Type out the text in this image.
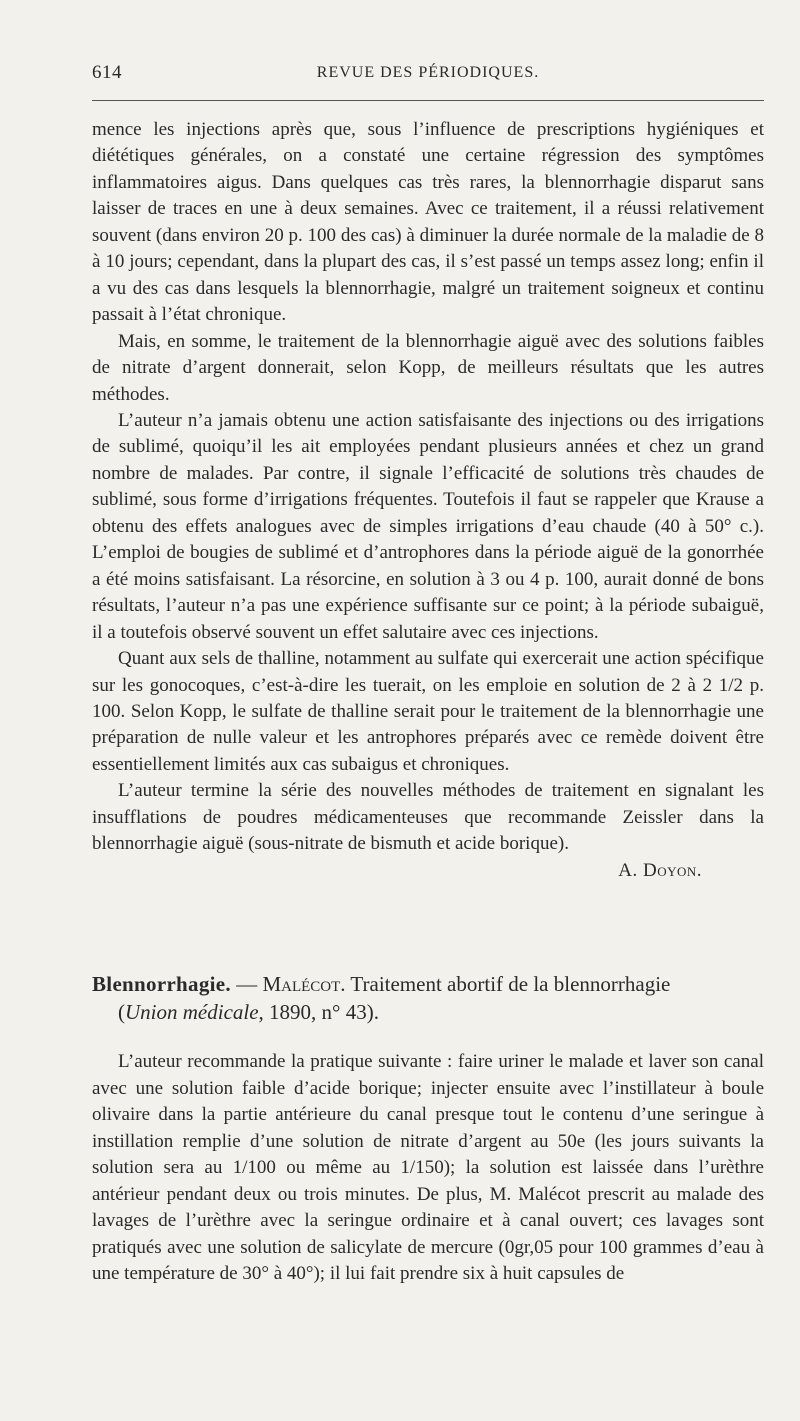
614	REVUE DES PÉRIODIQUES.

mence les injections après que, sous l’influence de prescriptions hygiéniques et diététiques générales, on a constaté une certaine régression des symptômes inflammatoires aigus. Dans quelques cas très rares, la blennorrhagie disparut sans laisser de traces en une à deux semaines. Avec ce traitement, il a réussi relativement souvent (dans environ 20 p. 100 des cas) à diminuer la durée normale de la maladie de 8 à 10 jours; cependant, dans la plupart des cas, il s’est passé un temps assez long; enfin il a vu des cas dans lesquels la blennorrhagie, malgré un traitement soigneux et continu passait à l’état chronique.

Mais, en somme, le traitement de la blennorrhagie aiguë avec des solutions faibles de nitrate d’argent donnerait, selon Kopp, de meilleurs résultats que les autres méthodes.

L’auteur n’a jamais obtenu une action satisfaisante des injections ou des irrigations de sublimé, quoiqu’il les ait employées pendant plusieurs années et chez un grand nombre de malades. Par contre, il signale l’efficacité de solutions très chaudes de sublimé, sous forme d’irrigations fréquentes. Toutefois il faut se rappeler que Krause a obtenu des effets analogues avec de simples irrigations d’eau chaude (40 à 50° c.). L’emploi de bougies de sublimé et d’antrophores dans la période aiguë de la gonorrhée a été moins satisfaisant. La résorcine, en solution à 3 ou 4 p. 100, aurait donné de bons résultats, l’auteur n’a pas une expérience suffisante sur ce point; à la période subaiguë, il a toutefois observé souvent un effet salutaire avec ces injections.

Quant aux sels de thalline, notamment au sulfate qui exercerait une action spécifique sur les gonocoques, c’est-à-dire les tuerait, on les emploie en solution de 2 à 2 1/2 p. 100. Selon Kopp, le sulfate de thalline serait pour le traitement de la blennorrhagie une préparation de nulle valeur et les antrophores préparés avec ce remède doivent être essentiellement limités aux cas subaigus et chroniques.

L’auteur termine la série des nouvelles méthodes de traitement en signalant les insufflations de poudres médicamenteuses que recommande Zeissler dans la blennorrhagie aiguë (sous-nitrate de bismuth et acide borique).

A. Doyon.

Blennorrhagie. — Malécot. Traitement abortif de la blennorrhagie
(Union médicale, 1890, n° 43).

L’auteur recommande la pratique suivante : faire uriner le malade et laver son canal avec une solution faible d’acide borique; injecter ensuite avec l’instillateur à boule olivaire dans la partie antérieure du canal presque tout le contenu d’une seringue à instillation remplie d’une solution de nitrate d’argent au 50e (les jours suivants la solution sera au 1/100 ou même au 1/150); la solution est laissée dans l’urèthre antérieur pendant deux ou trois minutes. De plus, M. Malécot prescrit au malade des lavages de l’urèthre avec la seringue ordinaire et à canal ouvert; ces lavages sont pratiqués avec une solution de salicylate de mercure (0gr,05 pour 100 grammes d’eau à une température de 30° à 40°); il lui fait prendre six à huit capsules de
